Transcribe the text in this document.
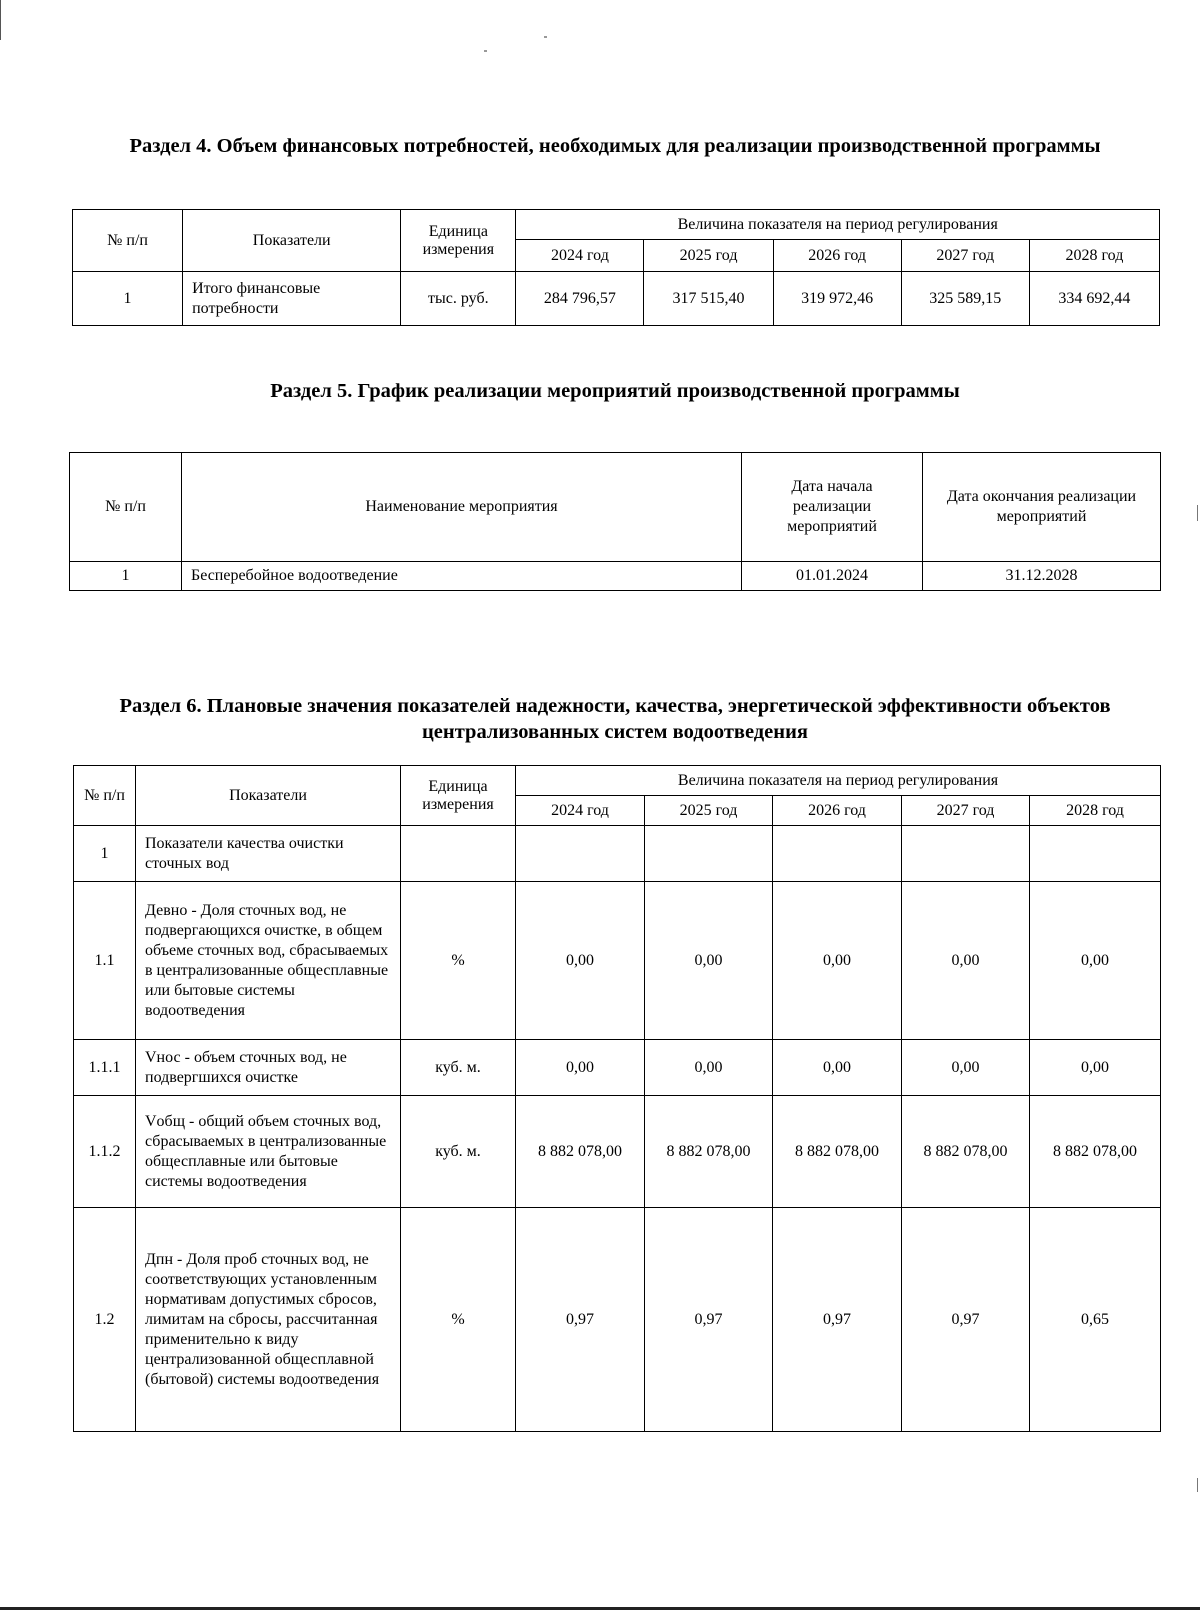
Раздел 4. Объем финансовых потребностей, необходимых для реализации производственной программы
№ п/п	Показатели	Единица измерения	Величина показателя на период регулирования				
			2024 год	2025 год	2026 год	2027 год	2028 год
1	Итого финансовые потребности	тыс. руб.	284 796,57	317 515,40	319 972,46	325 589,15	334 692,44
Раздел 5. График реализации мероприятий производственной программы
№ п/п	Наименование мероприятия	Дата начала реализации мероприятий	Дата окончания реализации мероприятий
1	Бесперебойное водоотведение	01.01.2024	31.12.2028
Раздел 6. Плановые значения показателей надежности, качества, энергетической эффективности объектов централизованных систем водоотведения
№ п/п	Показатели	Единица измерения	Величина показателя на период регулирования				
			2024 год	2025 год	2026 год	2027 год	2028 год
1	Показатели качества очистки сточных вод						
1.1	Девно - Доля сточных вод, не подвергающихся очистке, в общем объеме сточных вод, сбрасываемых в централизованные общесплавные или бытовые системы водоотведения	%	0,00	0,00	0,00	0,00	0,00
1.1.1	Vнос - объем сточных вод, не подвергшихся очистке	куб. м.	0,00	0,00	0,00	0,00	0,00
1.1.2	Vобщ - общий объем сточных вод, сбрасываемых в централизованные общесплавные или бытовые системы водоотведения	куб. м.	8 882 078,00	8 882 078,00	8 882 078,00	8 882 078,00	8 882 078,00
1.2	Дпн - Доля проб сточных вод, не соответствующих установленным нормативам допустимых сбросов, лимитам на сбросы, рассчитанная применительно к виду централизованной общесплавной (бытовой) системы водоотведения	%	0,97	0,97	0,97	0,97	0,65
